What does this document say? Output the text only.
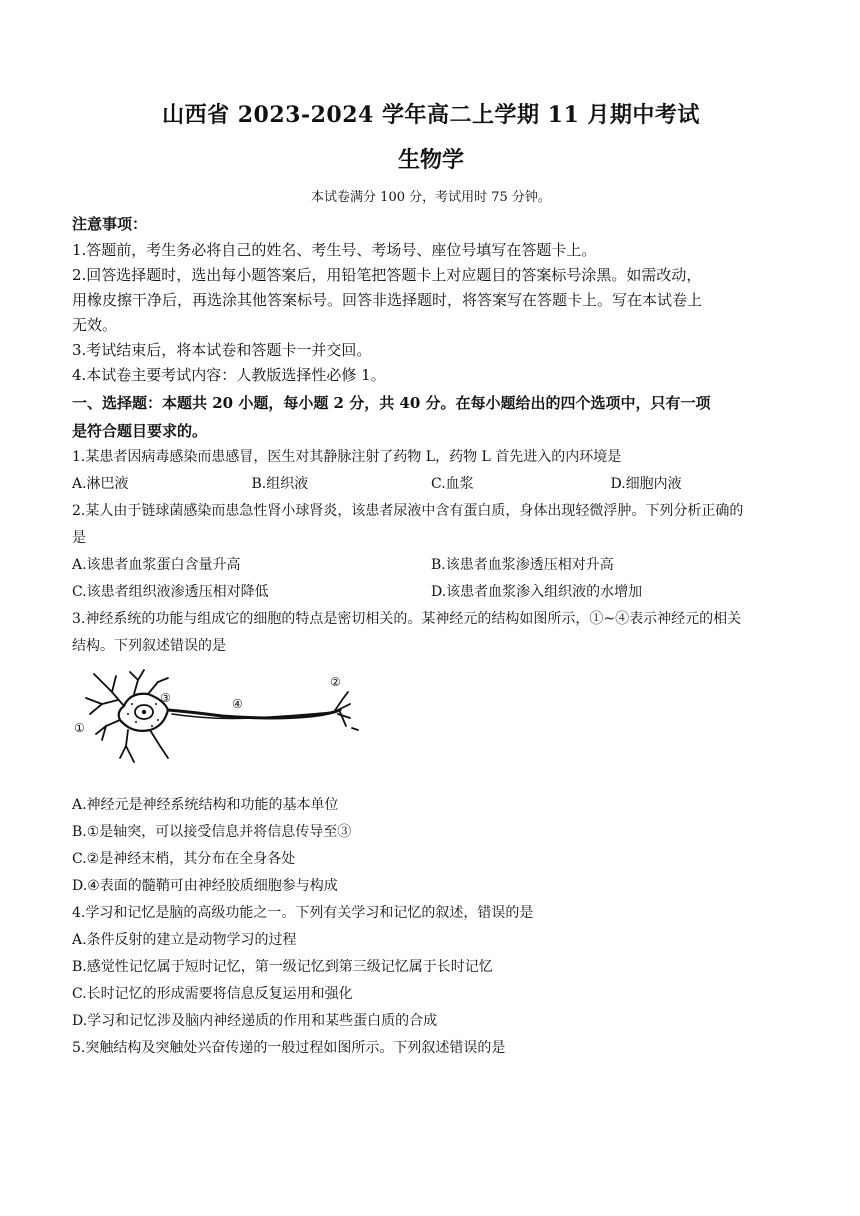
山西省 2023-2024 学年高二上学期 11 月期中考试

生物学

本试卷满分 100 分，考试用时 75 分钟。

注意事项：

1.答题前，考生务必将自己的姓名、考生号、考场号、座位号填写在答题卡上。

2.回答选择题时，选出每小题答案后，用铅笔把答题卡上对应题目的答案标号涂黑。如需改动，

用橡皮擦干净后，再选涂其他答案标号。回答非选择题时，将答案写在答题卡上。写在本试卷上

无效。

3.考试结束后，将本试卷和答题卡一并交回。

4.本试卷主要考试内容：人教版选择性必修 1。

一、选择题：本题共 20 小题，每小题 2 分，共 40 分。在每小题给出的四个选项中，只有一项

是符合题目要求的。

1.某患者因病毒感染而患感冒，医生对其静脉注射了药物 L，药物 L 首先进入的内环境是

A.淋巴液	B.组织液	C.血浆	D.细胞内液

2.某人由于链球菌感染而患急性肾小球肾炎，该患者尿液中含有蛋白质，身体出现轻微浮肿。下列分析正确的

是

A.该患者血浆蛋白含量升高	B.该患者血浆渗透压相对升高
C.该患者组织液渗透压相对降低	D.该患者血浆渗入组织液的水增加

3.神经系统的功能与组成它的细胞的特点是密切相关的。某神经元的结构如图所示，①~④表示神经元的相关

结构。下列叙述错误的是

①
③	④
②

A.神经元是神经系统结构和功能的基本单位

B.①是轴突，可以接受信息并将信息传导至③

C.②是神经末梢，其分布在全身各处

D.④表面的髓鞘可由神经胶质细胞参与构成

4.学习和记忆是脑的高级功能之一。下列有关学习和记忆的叙述，错误的是

A.条件反射的建立是动物学习的过程

B.感觉性记忆属于短时记忆，第一级记忆到第三级记忆属于长时记忆

C.长时记忆的形成需要将信息反复运用和强化

D.学习和记忆涉及脑内神经递质的作用和某些蛋白质的合成

5.突触结构及突触处兴奋传递的一般过程如图所示。下列叙述错误的是
